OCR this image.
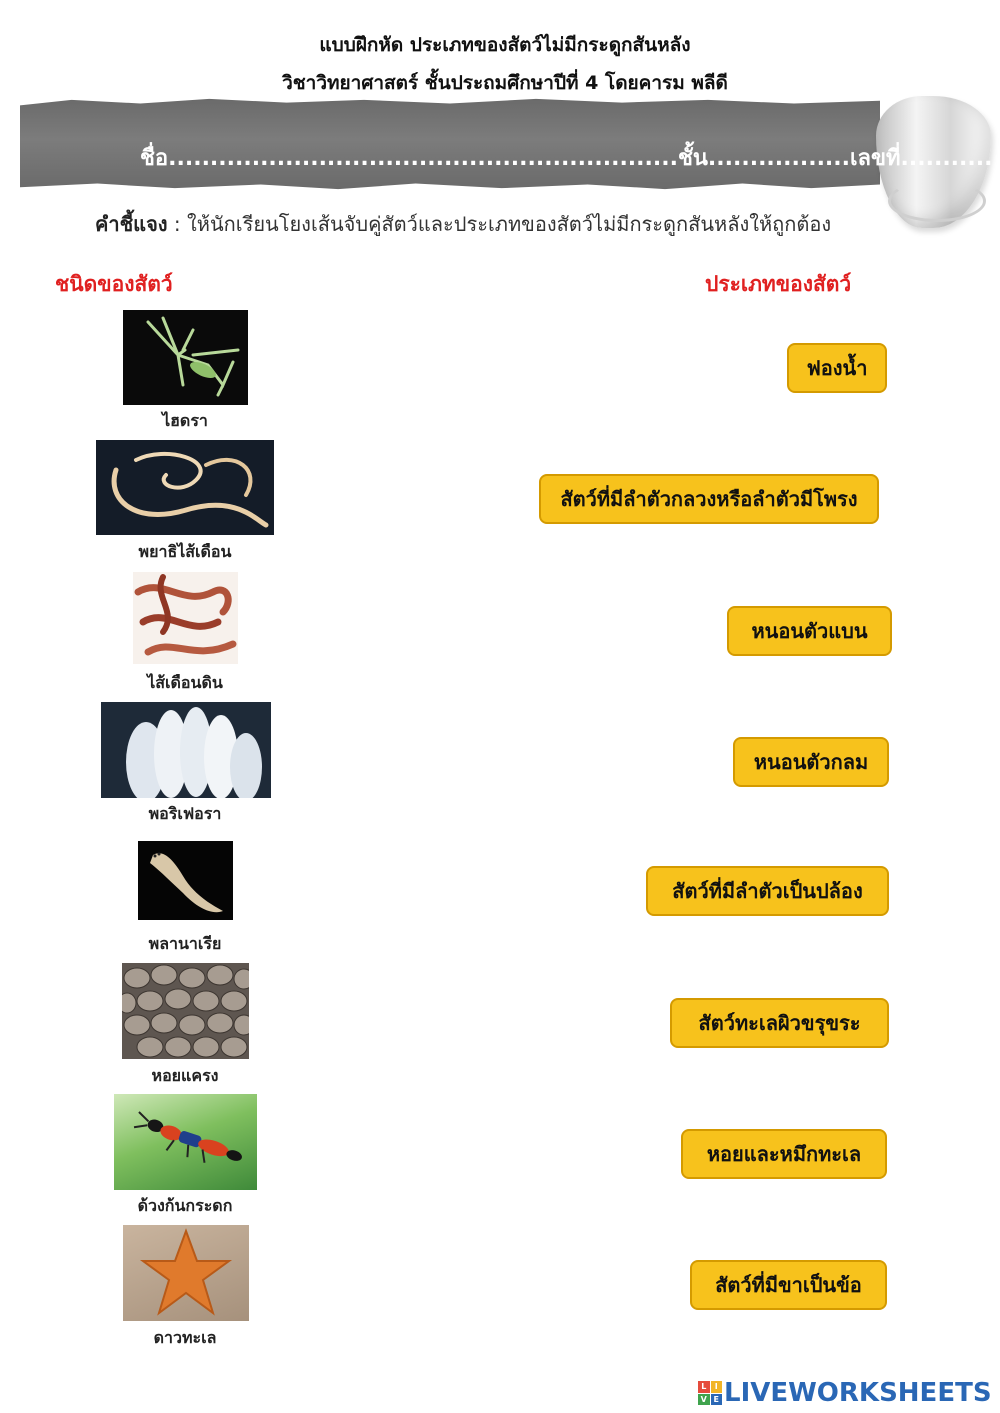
แบบฝึกหัด ประเภทของสัตว์ไม่มีกระดูกสันหลัง
วิชาวิทยาศาสตร์ ชั้นประถมศึกษาปีที่ 4 โดยคารม พลีดี
ชื่อ.............................................................ชั้น.................เลขที่...........
คำชี้แจง : ให้นักเรียนโยงเส้นจับคู่สัตว์และประเภทของสัตว์ไม่มีกระดูกสันหลังให้ถูกต้อง
ชนิดของสัตว์	ประเภทของสัตว์
ไฮดรา
พยาธิไส้เดือน
ไส้เดือนดิน
พอริเฟอรา
พลานาเรีย
หอยแครง
ด้วงก้นกระดก
ดาวทะเล
ฟองน้ำ
สัตว์ที่มีลำตัวกลวงหรือลำตัวมีโพรง
หนอนตัวแบน
หนอนตัวกลม
สัตว์ที่มีลำตัวเป็นปล้อง
สัตว์ทะเลผิวขรุขระ
หอยและหมึกทะเล
สัตว์ที่มีขาเป็นข้อ
L	I
V E LIVEWORKSHEETS
